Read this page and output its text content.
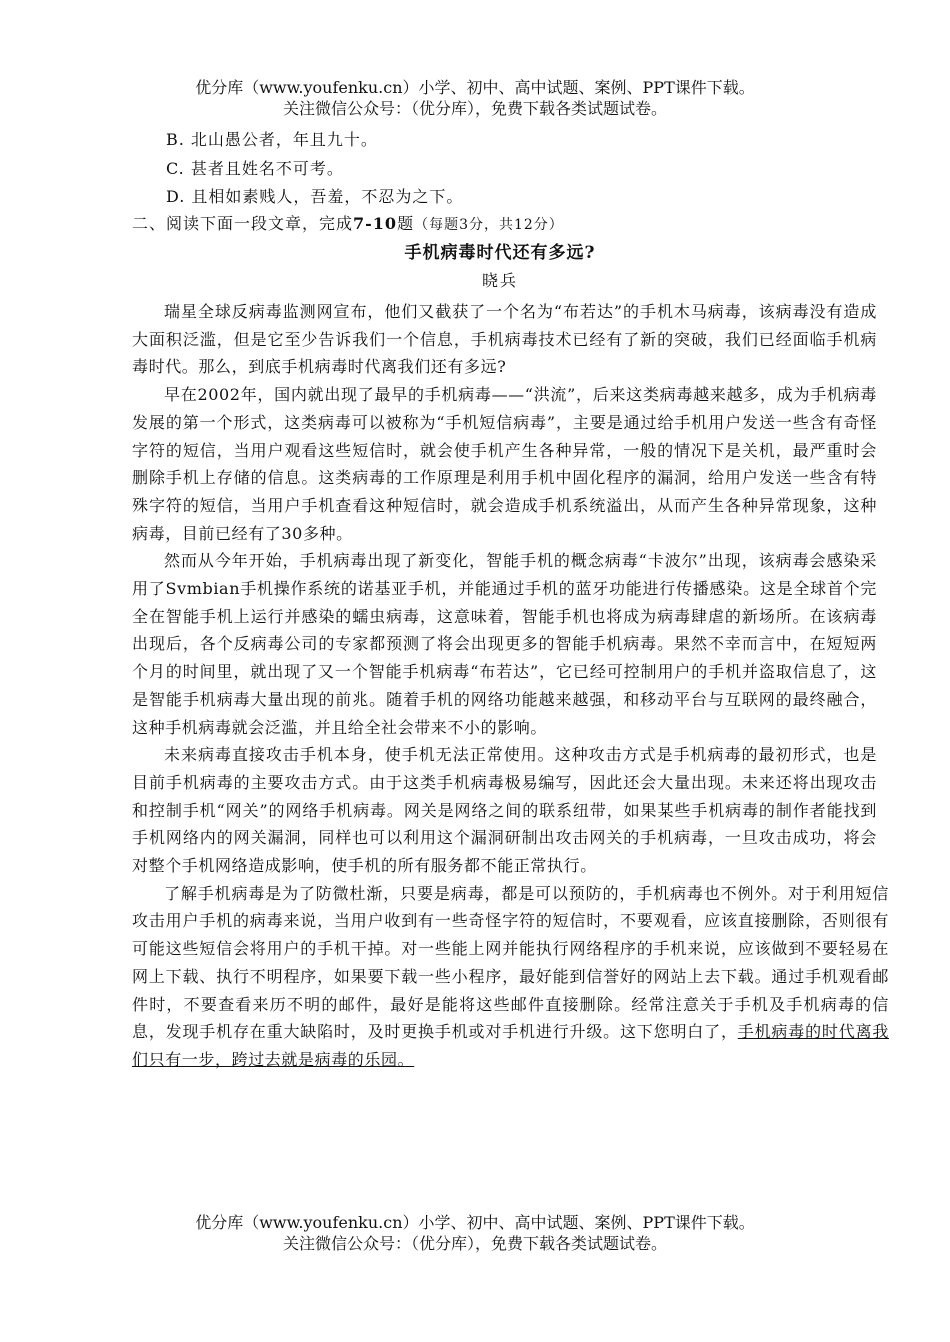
优分库（www.youfenku.cn）小学、初中、高中试题、案例、PPT课件下载。
关注微信公众号：（优分库），免费下载各类试题试卷。
B. 北山愚公者，年且九十。
C. 甚者且姓名不可考。
D. 且相如素贱人，吾羞，不忍为之下。
二、阅读下面一段文章，完成7-10题（每题3分，共12分）
手机病毒时代还有多远?
晓兵

瑞星全球反病毒监测网宣布，他们又截获了一个名为“布若达”的手机木马病毒，该病毒没有造成大面积泛滥，但是它至少告诉我们一个信息，手机病毒技术已经有了新的突破，我们已经面临手机病毒时代。那么，到底手机病毒时代离我们还有多远?

早在2002年，国内就出现了最早的手机病毒——“洪流”，后来这类病毒越来越多，成为手机病毒发展的第一个形式，这类病毒可以被称为“手机短信病毒”，主要是通过给手机用户发送一些含有奇怪字符的短信，当用户观看这些短信时，就会使手机产生各种异常，一般的情况下是关机，最严重时会删除手机上存储的信息。这类病毒的工作原理是利用手机中固化程序的漏洞，给用户发送一些含有特殊字符的短信，当用户手机查看这种短信时，就会造成手机系统溢出，从而产生各种异常现象，这种病毒，目前已经有了30多种。

然而从今年开始，手机病毒出现了新变化，智能手机的概念病毒“卡波尔”出现，该病毒会感染采用了Svmbian手机操作系统的诺基亚手机，并能通过手机的蓝牙功能进行传播感染。这是全球首个完全在智能手机上运行并感染的蠕虫病毒，这意味着，智能手机也将成为病毒肆虐的新场所。在该病毒出现后，各个反病毒公司的专家都预测了将会出现更多的智能手机病毒。果然不幸而言中，在短短两个月的时间里，就出现了又一个智能手机病毒“布若达”，它已经可控制用户的手机并盗取信息了，这是智能手机病毒大量出现的前兆。随着手机的网络功能越来越强，和移动平台与互联网的最终融合，这种手机病毒就会泛滥，并且给全社会带来不小的影响。

未来病毒直接攻击手机本身，使手机无法正常使用。这种攻击方式是手机病毒的最初形式，也是目前手机病毒的主要攻击方式。由于这类手机病毒极易编写，因此还会大量出现。未来还将出现攻击和控制手机“网关”的网络手机病毒。网关是网络之间的联系纽带，如果某些手机病毒的制作者能找到手机网络内的网关漏洞，同样也可以利用这个漏洞研制出攻击网关的手机病毒，一旦攻击成功，将会对整个手机网络造成影响，使手机的所有服务都不能正常执行。

了解手机病毒是为了防微杜渐，只要是病毒，都是可以预防的，手机病毒也不例外。对于利用短信攻击用户手机的病毒来说，当用户收到有一些奇怪字符的短信时，不要观看，应该直接删除，否则很有可能这些短信会将用户的手机干掉。对一些能上网并能执行网络程序的手机来说，应该做到不要轻易在网上下载、执行不明程序，如果要下载一些小程序，最好能到信誉好的网站上去下载。通过手机观看邮件时，不要查看来历不明的邮件，最好是能将这些邮件直接删除。经常注意关于手机及手机病毒的信息，发现手机存在重大缺陷时，及时更换手机或对手机进行升级。这下您明白了，手机病毒的时代离我们只有一步，跨过去就是病毒的乐园。

优分库（www.youfenku.cn）小学、初中、高中试题、案例、PPT课件下载。
关注微信公众号：（优分库），免费下载各类试题试卷。
